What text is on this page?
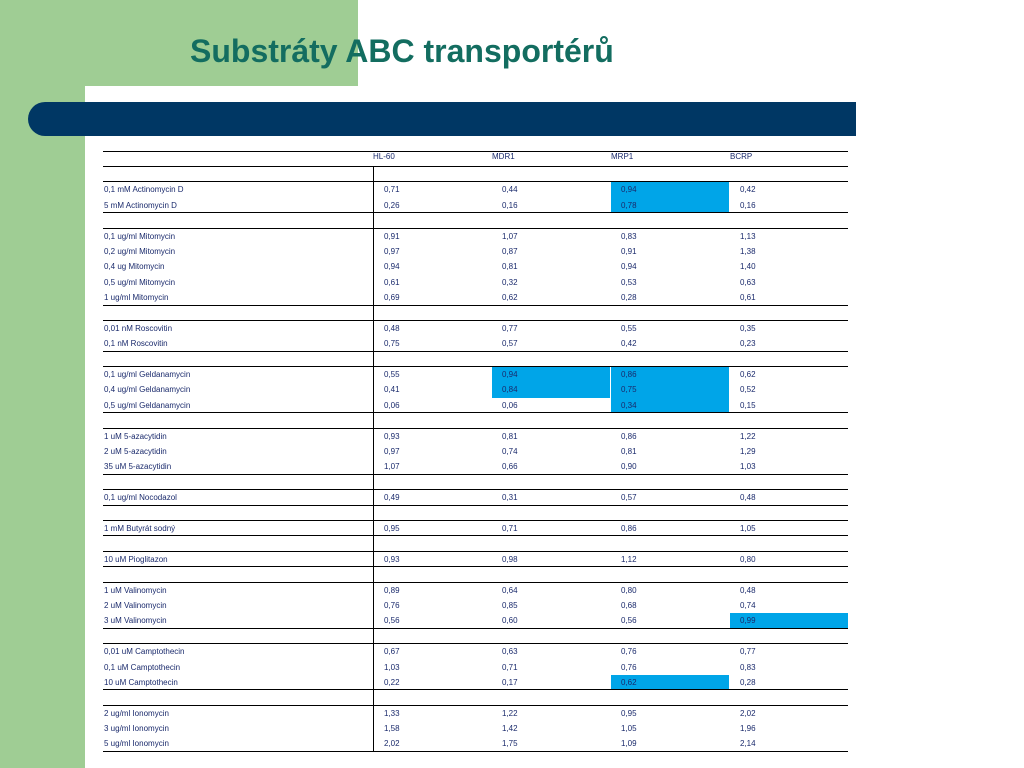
Substráty ABC transportérů
HL-60	MDR1	MRP1	BCRP
0,1 mM Actinomycin D	0,71	0,44	0,94	0,42
5 mM Actinomycin D	0,26	0,16	0,78	0,16
0,1 ug/ml Mitomycin	0,91	1,07	0,83	1,13
0,2 ug/ml Mitomycin	0,97	0,87	0,91	1,38
0,4 ug Mitomycin	0,94	0,81	0,94	1,40
0,5 ug/ml Mitomycin	0,61	0,32	0,53	0,63
1 ug/ml Mitomycin	0,69	0,62	0,28	0,61
0,01 nM Roscovitin	0,48	0,77	0,55	0,35
0,1 nM Roscovitin	0,75	0,57	0,42	0,23
0,1 ug/ml Geldanamycin	0,55	0,94	0,86	0,62
0,4 ug/ml Geldanamycin	0,41	0,84	0,75	0,52
0,5 ug/ml Geldanamycin	0,06	0,06	0,34	0,15
1 uM 5-azacytidin	0,93	0,81	0,86	1,22
2 uM 5-azacytidin	0,97	0,74	0,81	1,29
35 uM 5-azacytidin	1,07	0,66	0,90	1,03
0,1 ug/ml Nocodazol	0,49	0,31	0,57	0,48
1 mM Butyrát sodný	0,95	0,71	0,86	1,05
10 uM Pioglitazon	0,93	0,98	1,12	0,80
1 uM Valinomycin	0,89	0,64	0,80	0,48
2 uM Valinomycin	0,76	0,85	0,68	0,74
3 uM Valinomycin	0,56	0,60	0,56	0,99
0,01 uM Camptothecin	0,67	0,63	0,76	0,77
0,1 uM Camptothecin	1,03	0,71	0,76	0,83
10 uM Camptothecin	0,22	0,17	0,62	0,28
2 ug/ml Ionomycin	1,33	1,22	0,95	2,02
3 ug/ml Ionomycin	1,58	1,42	1,05	1,96
5 ug/ml Ionomycin	2,02	1,75	1,09	2,14
